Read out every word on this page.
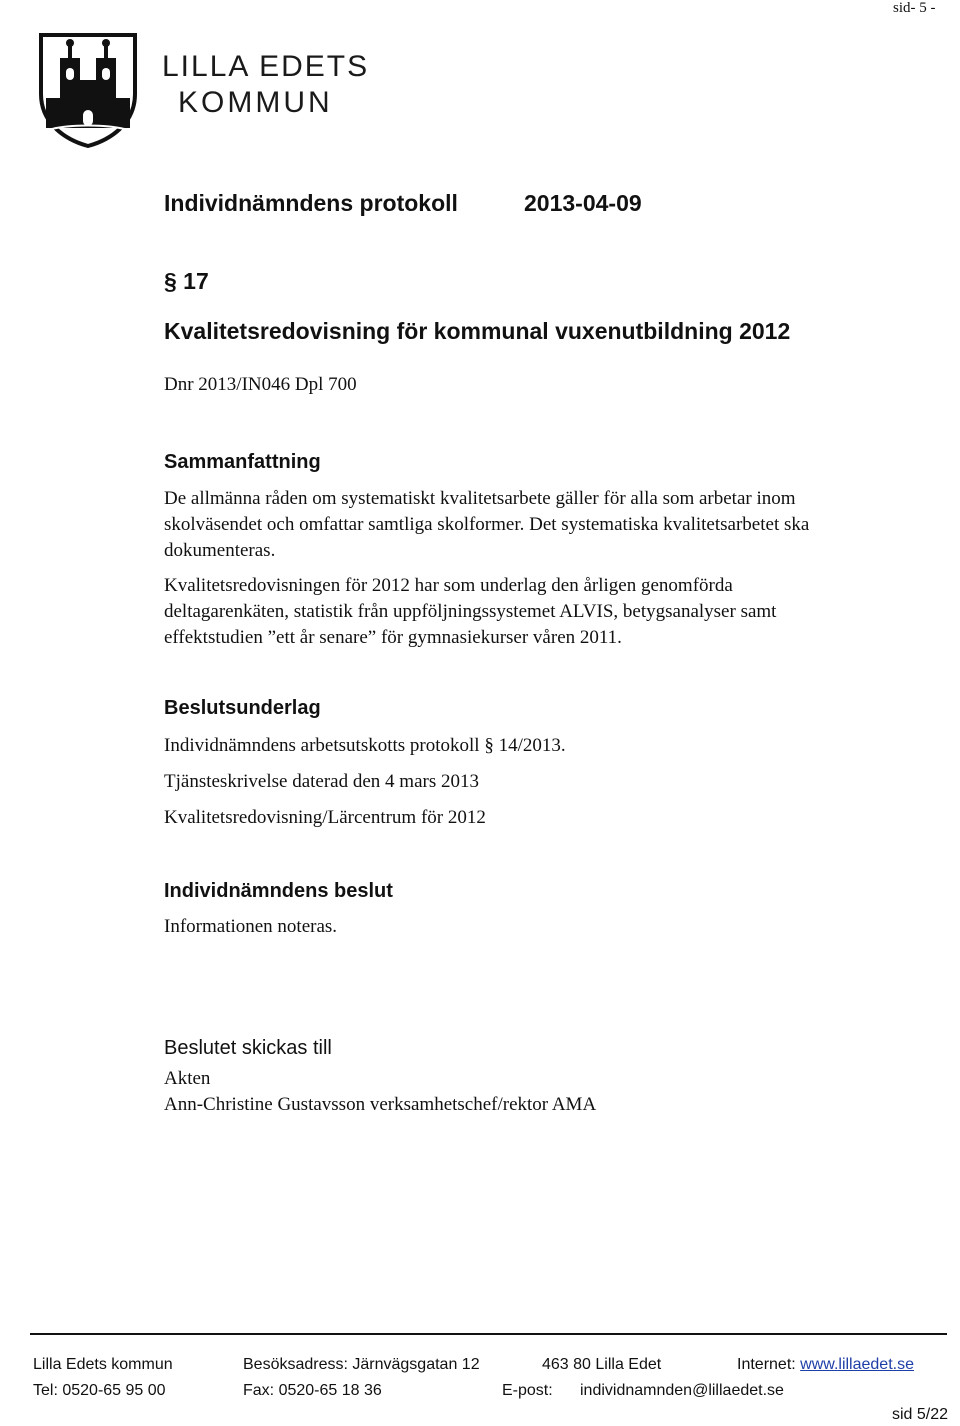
sid- 5 -
LILLA EDETS
KOMMUN
Individnämndens protokoll	2013-04-09
§ 17
Kvalitetsredovisning för kommunal vuxenutbildning 2012
Dnr 2013/IN046 Dpl 700
Sammanfattning
De allmänna råden om systematiskt kvalitetsarbete gäller för alla som arbetar inom
skolväsendet och omfattar samtliga skolformer. Det systematiska kvalitetsarbetet ska
dokumenteras.
Kvalitetsredovisningen för 2012 har som underlag den årligen genomförda
deltagarenkäten, statistik från uppföljningssystemet ALVIS, betygsanalyser samt
effektstudien ”ett år senare” för gymnasiekurser våren 2011.
Beslutsunderlag
Individnämndens arbetsutskotts protokoll § 14/2013.
Tjänsteskrivelse daterad den 4 mars 2013
Kvalitetsredovisning/Lärcentrum för 2012
Individnämndens beslut
Informationen noteras.
Beslutet skickas till
Akten
Ann-Christine Gustavsson verksamhetschef/rektor AMA
Lilla Edets kommun	Besöksadress: Järnvägsgatan 12	463 80 Lilla Edet	Internet: www.lillaedet.se
Tel: 0520-65 95 00	Fax: 0520-65 18 36	E-post: individnamnden@lillaedet.se
sid 5/22
